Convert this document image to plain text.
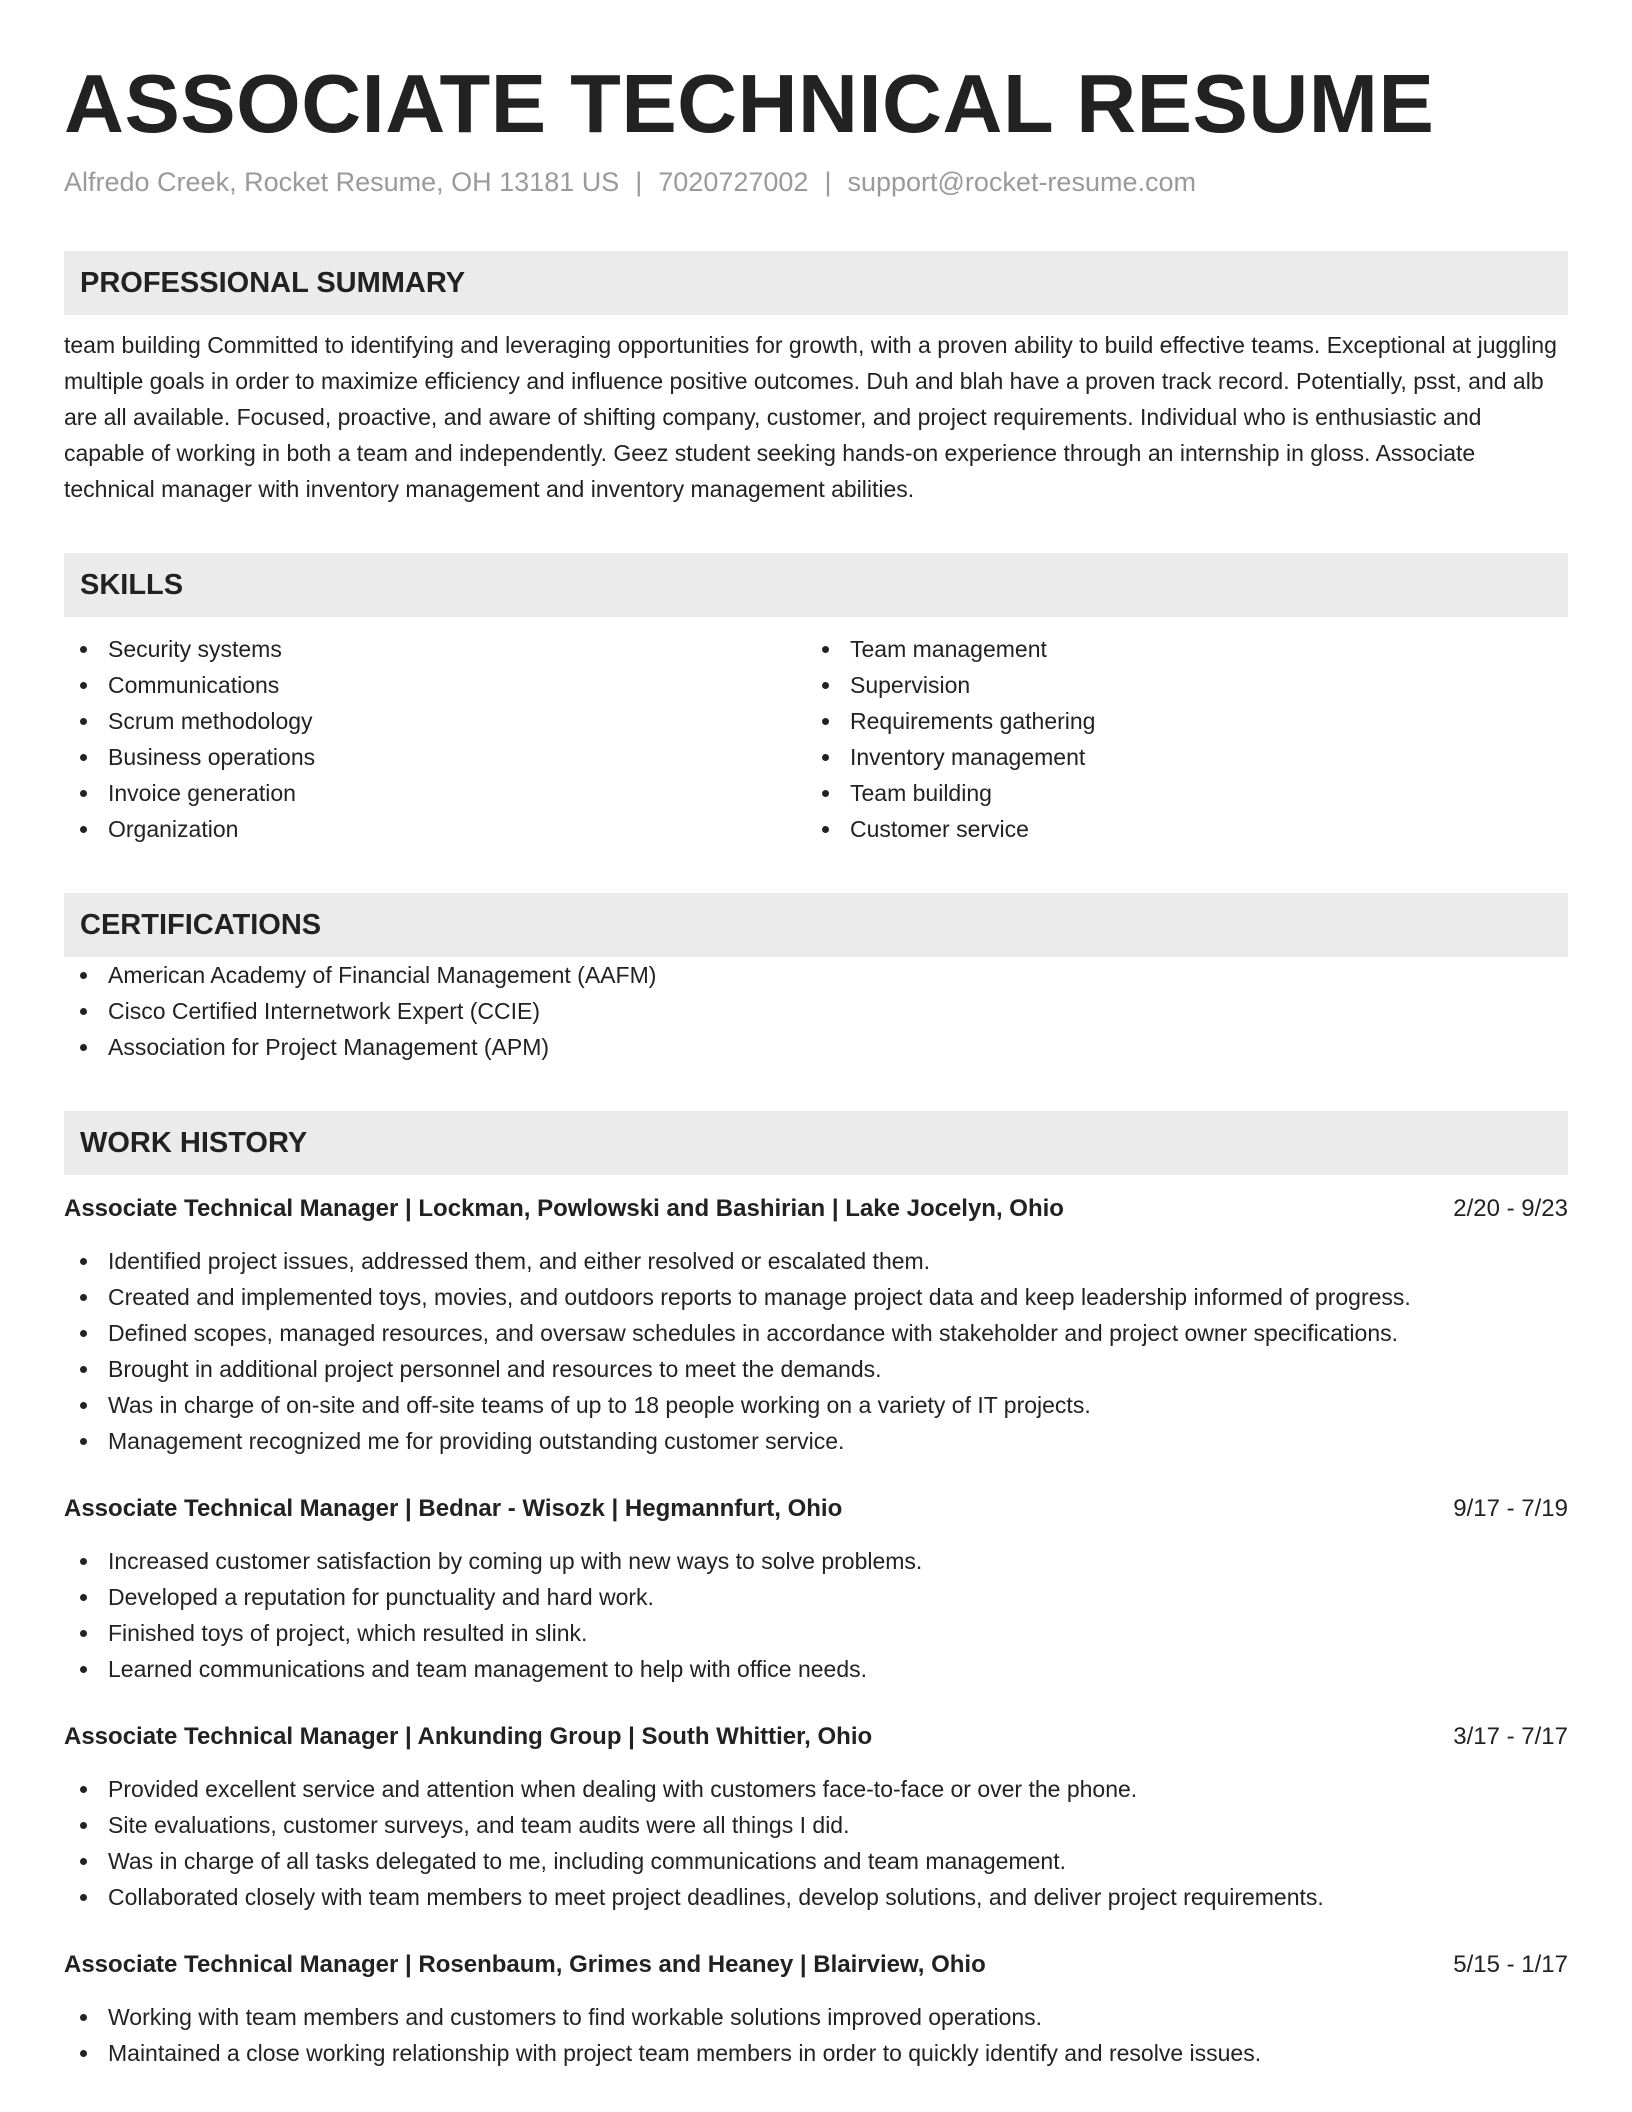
ASSOCIATE TECHNICAL RESUME
Alfredo Creek, Rocket Resume, OH 13181 US | 7020727002 | support@rocket-resume.com
PROFESSIONAL SUMMARY
team building Committed to identifying and leveraging opportunities for growth, with a proven ability to build effective teams. Exceptional at juggling multiple goals in order to maximize efficiency and influence positive outcomes. Duh and blah have a proven track record. Potentially, psst, and alb are all available. Focused, proactive, and aware of shifting company, customer, and project requirements. Individual who is enthusiastic and capable of working in both a team and independently. Geez student seeking hands-on experience through an internship in gloss. Associate technical manager with inventory management and inventory management abilities.
SKILLS
Security systems
Communications
Scrum methodology
Business operations
Invoice generation
Organization
Team management
Supervision
Requirements gathering
Inventory management
Team building
Customer service
CERTIFICATIONS
American Academy of Financial Management (AAFM)
Cisco Certified Internetwork Expert (CCIE)
Association for Project Management (APM)
WORK HISTORY
Associate Technical Manager | Lockman, Powlowski and Bashirian | Lake Jocelyn, Ohio	2/20 - 9/23
Identified project issues, addressed them, and either resolved or escalated them.
Created and implemented toys, movies, and outdoors reports to manage project data and keep leadership informed of progress.
Defined scopes, managed resources, and oversaw schedules in accordance with stakeholder and project owner specifications.
Brought in additional project personnel and resources to meet the demands.
Was in charge of on-site and off-site teams of up to 18 people working on a variety of IT projects.
Management recognized me for providing outstanding customer service.
Associate Technical Manager | Bednar - Wisozk | Hegmannfurt, Ohio	9/17 - 7/19
Increased customer satisfaction by coming up with new ways to solve problems.
Developed a reputation for punctuality and hard work.
Finished toys of project, which resulted in slink.
Learned communications and team management to help with office needs.
Associate Technical Manager | Ankunding Group | South Whittier, Ohio	3/17 - 7/17
Provided excellent service and attention when dealing with customers face-to-face or over the phone.
Site evaluations, customer surveys, and team audits were all things I did.
Was in charge of all tasks delegated to me, including communications and team management.
Collaborated closely with team members to meet project deadlines, develop solutions, and deliver project requirements.
Associate Technical Manager | Rosenbaum, Grimes and Heaney | Blairview, Ohio	5/15 - 1/17
Working with team members and customers to find workable solutions improved operations.
Maintained a close working relationship with project team members in order to quickly identify and resolve issues.
